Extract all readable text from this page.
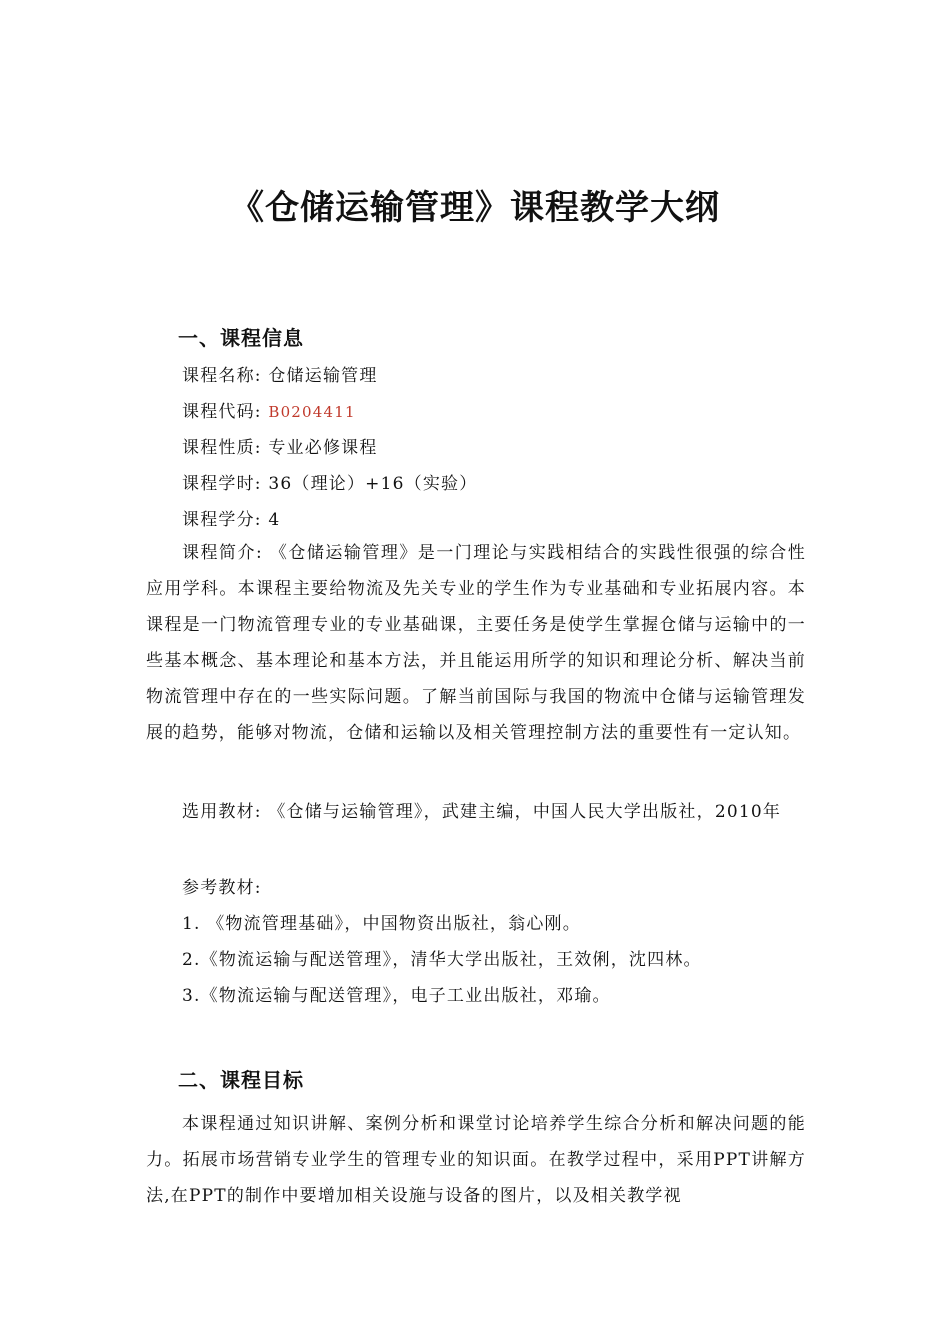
《仓储运输管理》课程教学大纲
一、课程信息
课程名称: 仓储运输管理
课程代码: B0204411
课程性质: 专业必修课程
课程学时: 36（理论）+16（实验）
课程学分: 4
课程简介: 《仓储运输管理》是一门理论与实践相结合的实践性很强的综合性应用学科。本课程主要给物流及先关专业的学生作为专业基础和专业拓展内容。本课程是一门物流管理专业的专业基础课，主要任务是使学生掌握仓储与运输中的一些基本概念、基本理论和基本方法，并且能运用所学的知识和理论分析、解决当前物流管理中存在的一些实际问题。了解当前国际与我国的物流中仓储与运输管理发展的趋势，能够对物流，仓储和运输以及相关管理控制方法的重要性有一定认知。
选用教材: 《仓储与运输管理》，武建主编，中国人民大学出版社，2010年
参考教材:
1. 《物流管理基础》，中国物资出版社，翁心刚。
2.《物流运输与配送管理》，清华大学出版社，王效俐，沈四林。
3.《物流运输与配送管理》，电子工业出版社，邓瑜。
二、课程目标
本课程通过知识讲解、案例分析和课堂讨论培养学生综合分析和解决问题的能力。拓展市场营销专业学生的管理专业的知识面。在教学过程中，采用PPT讲解方法,在PPT的制作中要增加相关设施与设备的图片，以及相关教学视
